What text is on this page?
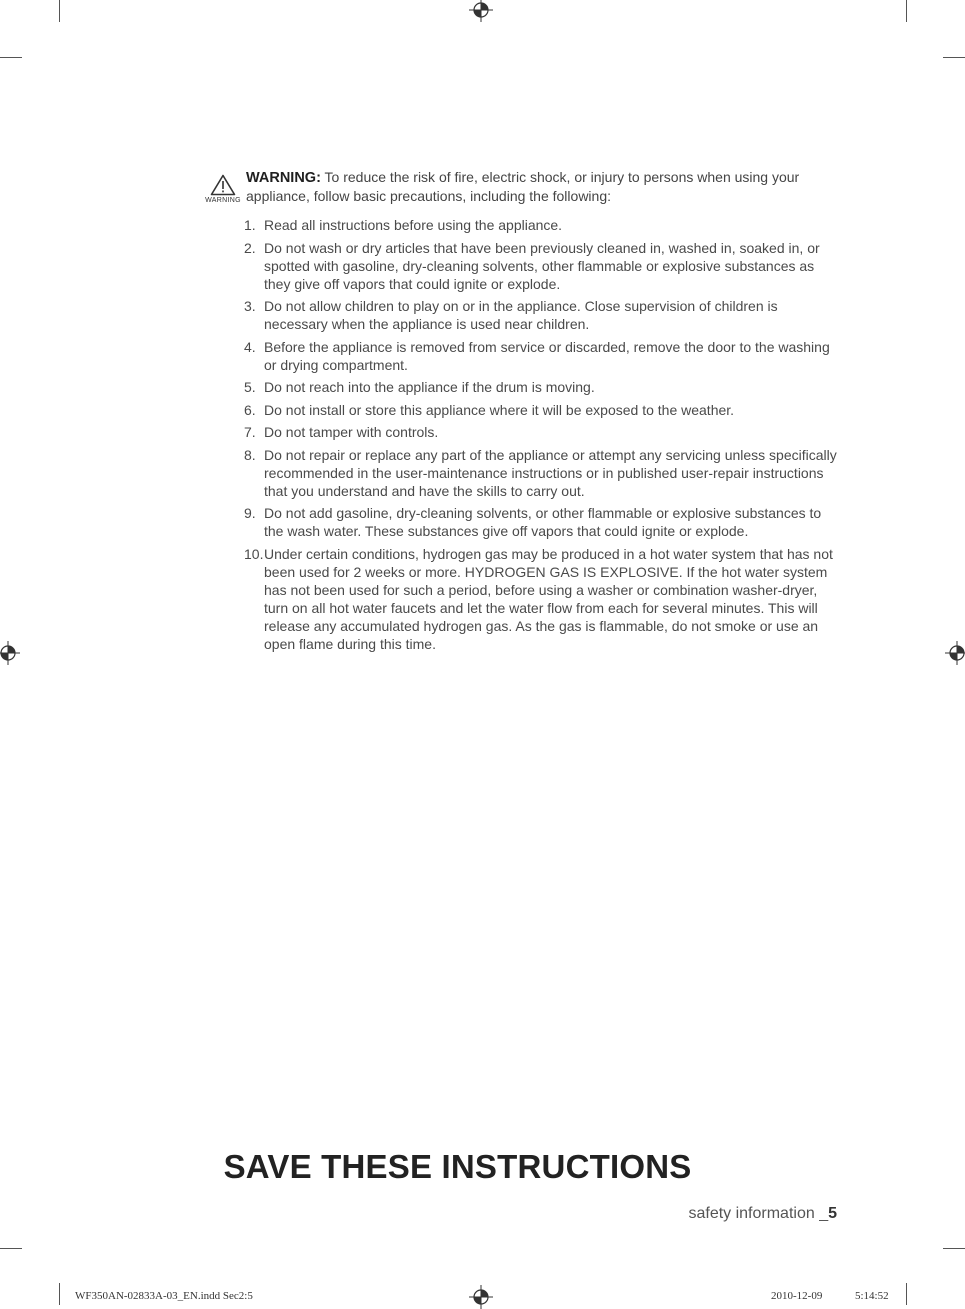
WARNING
WARNING: To reduce the risk of fire, electric shock, or injury to persons when using your appliance, follow basic precautions, including the following:
1. Read all instructions before using the appliance.
2. Do not wash or dry articles that have been previously cleaned in, washed in, soaked in, or spotted with gasoline, dry-cleaning solvents, other flammable or explosive substances as they give off vapors that could ignite or explode.
3. Do not allow children to play on or in the appliance. Close supervision of children is necessary when the appliance is used near children.
4. Before the appliance is removed from service or discarded, remove the door to the washing or drying compartment.
5. Do not reach into the appliance if the drum is moving.
6. Do not install or store this appliance where it will be exposed to the weather.
7. Do not tamper with controls.
8. Do not repair or replace any part of the appliance or attempt any servicing unless specifically recommended in the user-maintenance instructions or in published user-repair instructions that you understand and have the skills to carry out.
9. Do not add gasoline, dry-cleaning solvents, or other flammable or explosive substances to the wash water. These substances give off vapors that could ignite or explode.
10. Under certain conditions, hydrogen gas may be produced in a hot water system that has not been used for 2 weeks or more. HYDROGEN GAS IS EXPLOSIVE. If the hot water system has not been used for such a period, before using a washer or combination washer-dryer, turn on all hot water faucets and let the water flow from each for several minutes. This will release any accumulated hydrogen gas. As the gas is flammable, do not smoke or use an open flame during this time.
SAVE THESE INSTRUCTIONS
safety information _5
WF350AN-02833A-03_EN.indd Sec2:5	2010-12-09	5:14:52
